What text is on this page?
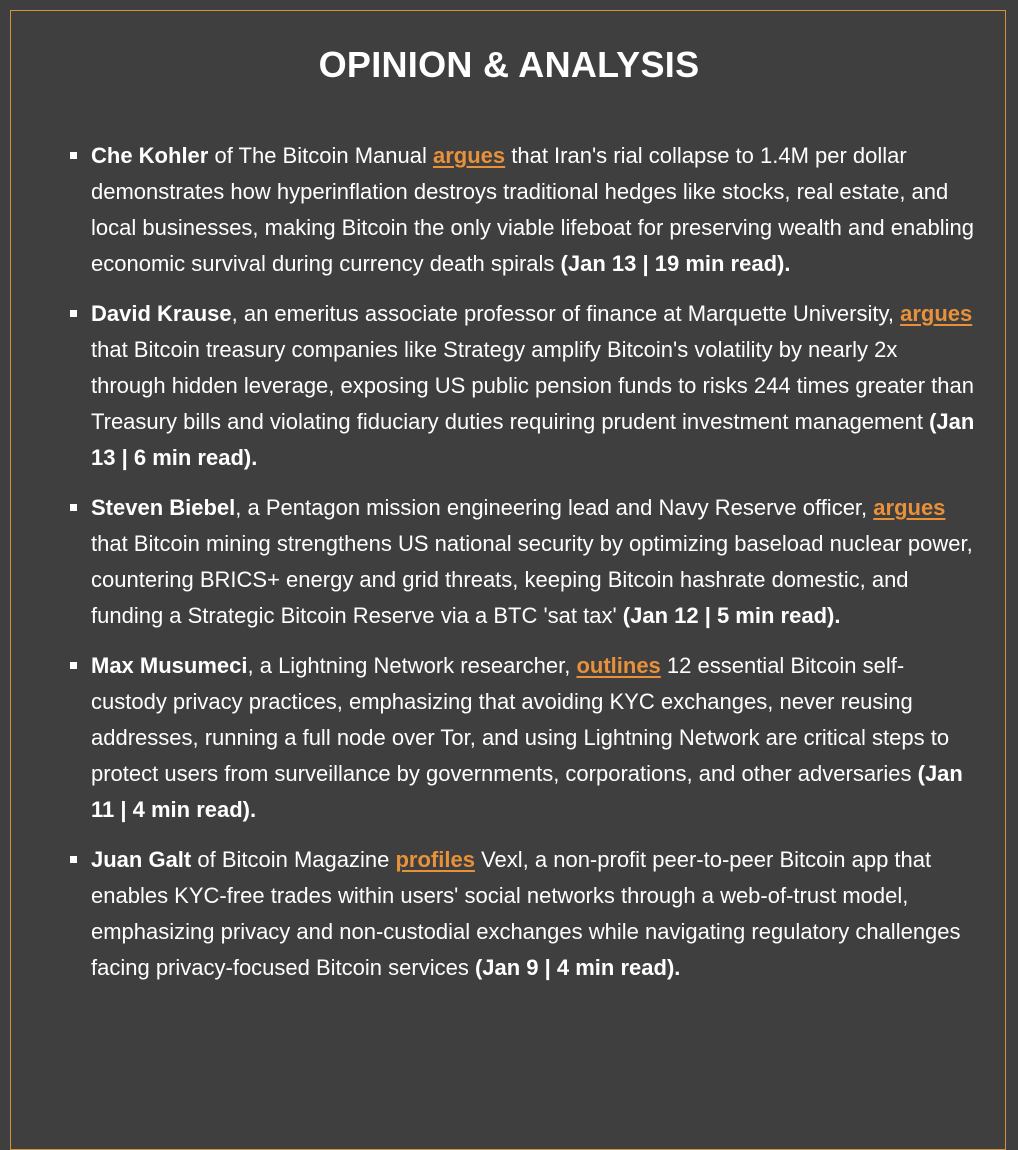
OPINION & ANALYSIS
Che Kohler of The Bitcoin Manual argues that Iran's rial collapse to 1.4M per dollar demonstrates how hyperinflation destroys traditional hedges like stocks, real estate, and local businesses, making Bitcoin the only viable lifeboat for preserving wealth and enabling economic survival during currency death spirals (Jan 13 | 19 min read).
David Krause, an emeritus associate professor of finance at Marquette University, argues that Bitcoin treasury companies like Strategy amplify Bitcoin's volatility by nearly 2x through hidden leverage, exposing US public pension funds to risks 244 times greater than Treasury bills and violating fiduciary duties requiring prudent investment management (Jan 13 | 6 min read).
Steven Biebel, a Pentagon mission engineering lead and Navy Reserve officer, argues that Bitcoin mining strengthens US national security by optimizing baseload nuclear power, countering BRICS+ energy and grid threats, keeping Bitcoin hashrate domestic, and funding a Strategic Bitcoin Reserve via a BTC 'sat tax' (Jan 12 | 5 min read).
Max Musumeci, a Lightning Network researcher, outlines 12 essential Bitcoin self-custody privacy practices, emphasizing that avoiding KYC exchanges, never reusing addresses, running a full node over Tor, and using Lightning Network are critical steps to protect users from surveillance by governments, corporations, and other adversaries (Jan 11 | 4 min read).
Juan Galt of Bitcoin Magazine profiles Vexl, a non-profit peer-to-peer Bitcoin app that enables KYC-free trades within users' social networks through a web-of-trust model, emphasizing privacy and non-custodial exchanges while navigating regulatory challenges facing privacy-focused Bitcoin services (Jan 9 | 4 min read).
